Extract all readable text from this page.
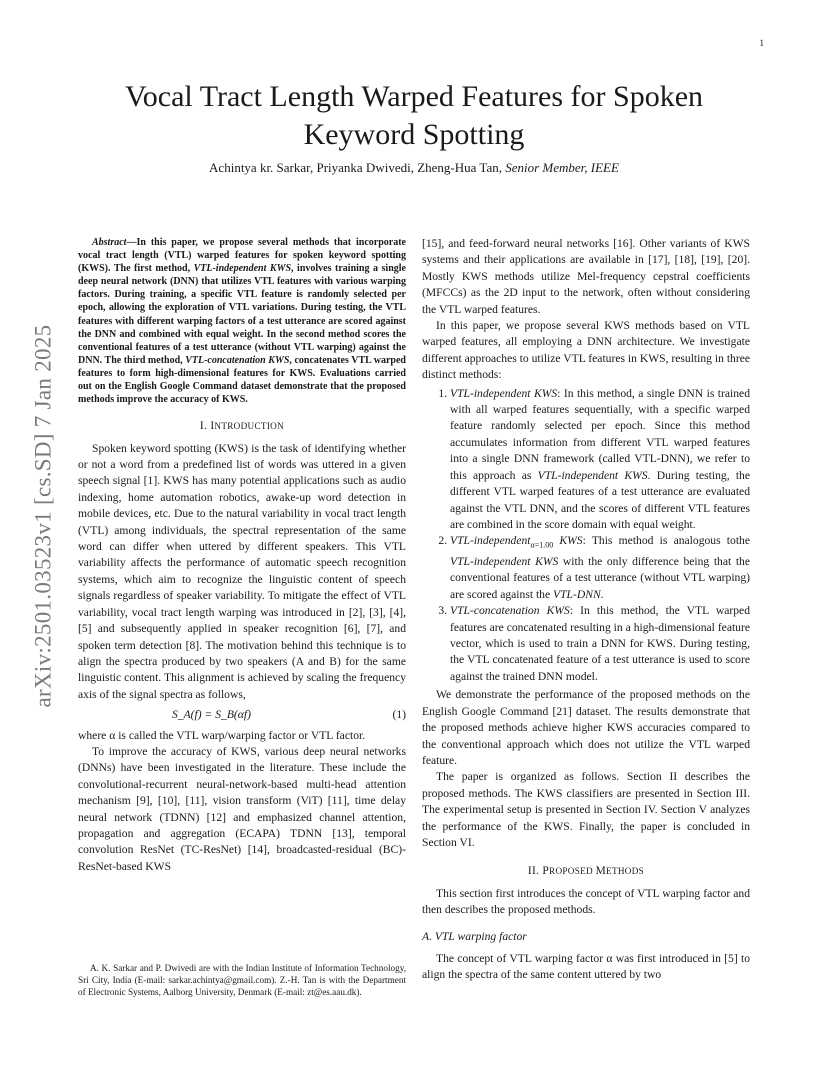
1
arXiv:2501.03523v1 [cs.SD] 7 Jan 2025
Vocal Tract Length Warped Features for Spoken
Keyword Spotting
Achintya kr. Sarkar, Priyanka Dwivedi, Zheng-Hua Tan, Senior Member, IEEE

Abstract—In this paper, we propose several methods that incorporate vocal tract length (VTL) warped features for spoken keyword spotting (KWS). The first method, VTL-independent KWS, involves training a single deep neural network (DNN) that utilizes VTL features with various warping factors. During training, a specific VTL feature is randomly selected per epoch, allowing the exploration of VTL variations. During testing, the VTL features with different warping factors of a test utterance are scored against the DNN and combined with equal weight. In the second method scores the conventional features of a test utterance (without VTL warping) against the DNN. The third method, VTL-concatenation KWS, concatenates VTL warped features to form high-dimensional features for KWS. Evaluations carried out on the English Google Command dataset demonstrate that the proposed methods improve the accuracy of KWS.

I. INTRODUCTION

Spoken keyword spotting (KWS) is the task of identifying whether or not a word from a predefined list of words was uttered in a given speech signal [1]. KWS has many potential applications such as audio indexing, home automation robotics, awake-up word detection in mobile devices, etc. Due to the natural variability in vocal tract length (VTL) among individuals, the spectral representation of the same word can differ when uttered by different speakers. This VTL variability affects the performance of automatic speech recognition systems, which aim to recognize the linguistic content of speech signals regardless of speaker variability. To mitigate the effect of VTL variability, vocal tract length warping was introduced in [2], [3], [4], [5] and subsequently applied in speaker recognition [6], [7], and spoken term detection [8]. The motivation behind this technique is to align the spectra produced by two speakers (A and B) for the same linguistic content. This alignment is achieved by scaling the frequency axis of the signal spectra as follows,

S_A(f) = S_B(αf)	(1)

where α is called the VTL warp/warping factor or VTL factor.

To improve the accuracy of KWS, various deep neural networks (DNNs) have been investigated in the literature. These include the convolutional-recurrent neural-network-based multi-head attention mechanism [9], [10], [11], vision transform (ViT) [11], time delay neural network (TDNN) [12] and emphasized channel attention, propagation and aggregation (ECAPA) TDNN [13], temporal convolution ResNet (TC-ResNet) [14], broadcasted-residual (BC)-ResNet-based KWS

A. K. Sarkar and P. Dwivedi are with the Indian Institute of Information Technology, Sri City, India (E-mail: sarkar.achintya@gmail.com). Z.-H. Tan is with the Department of Electronic Systems, Aalborg University, Denmark (E-mail: zt@es.aau.dk).

[15], and feed-forward neural networks [16]. Other variants of KWS systems and their applications are available in [17], [18], [19], [20]. Mostly KWS methods utilize Mel-frequency cepstral coefficients (MFCCs) as the 2D input to the network, often without considering the VTL warped features.

In this paper, we propose several KWS methods based on VTL warped features, all employing a DNN architecture. We investigate different approaches to utilize VTL features in KWS, resulting in three distinct methods:

1. VTL-independent KWS: In this method, a single DNN is trained with all warped features sequentially, with a specific warped feature randomly selected per epoch. Since this method accumulates information from different VTL warped features into a single DNN framework (called VTL-DNN), we refer to this approach as VTL-independent KWS. During testing, the different VTL warped features of a test utterance are evaluated against the VTL DNN, and the scores of different VTL features are combined in the score domain with equal weight.
2. VTL-independent$_{\alpha=1.00}$ KWS: This method is analogous tothe VTL-independent KWS with the only difference being that the conventional features of a test utterance (without VTL warping) are scored against the VTL-DNN.
3. VTL-concatenation KWS: In this method, the VTL warped features are concatenated resulting in a high-dimensional feature vector, which is used to train a DNN for KWS. During testing, the VTL concatenated feature of a test utterance is used to score against the trained DNN model.

We demonstrate the performance of the proposed methods on the English Google Command [21] dataset. The results demonstrate that the proposed methods achieve higher KWS accuracies compared to the conventional approach which does not utilize the VTL warped feature.

The paper is organized as follows. Section II describes the proposed methods. The KWS classifiers are presented in Section III. The experimental setup is presented in Section IV. Section V analyzes the performance of the KWS. Finally, the paper is concluded in Section VI.

II. PROPOSED METHODS

This section first introduces the concept of VTL warping factor and then describes the proposed methods.

A. VTL warping factor

The concept of VTL warping factor α was first introduced in [5] to align the spectra of the same content uttered by two
